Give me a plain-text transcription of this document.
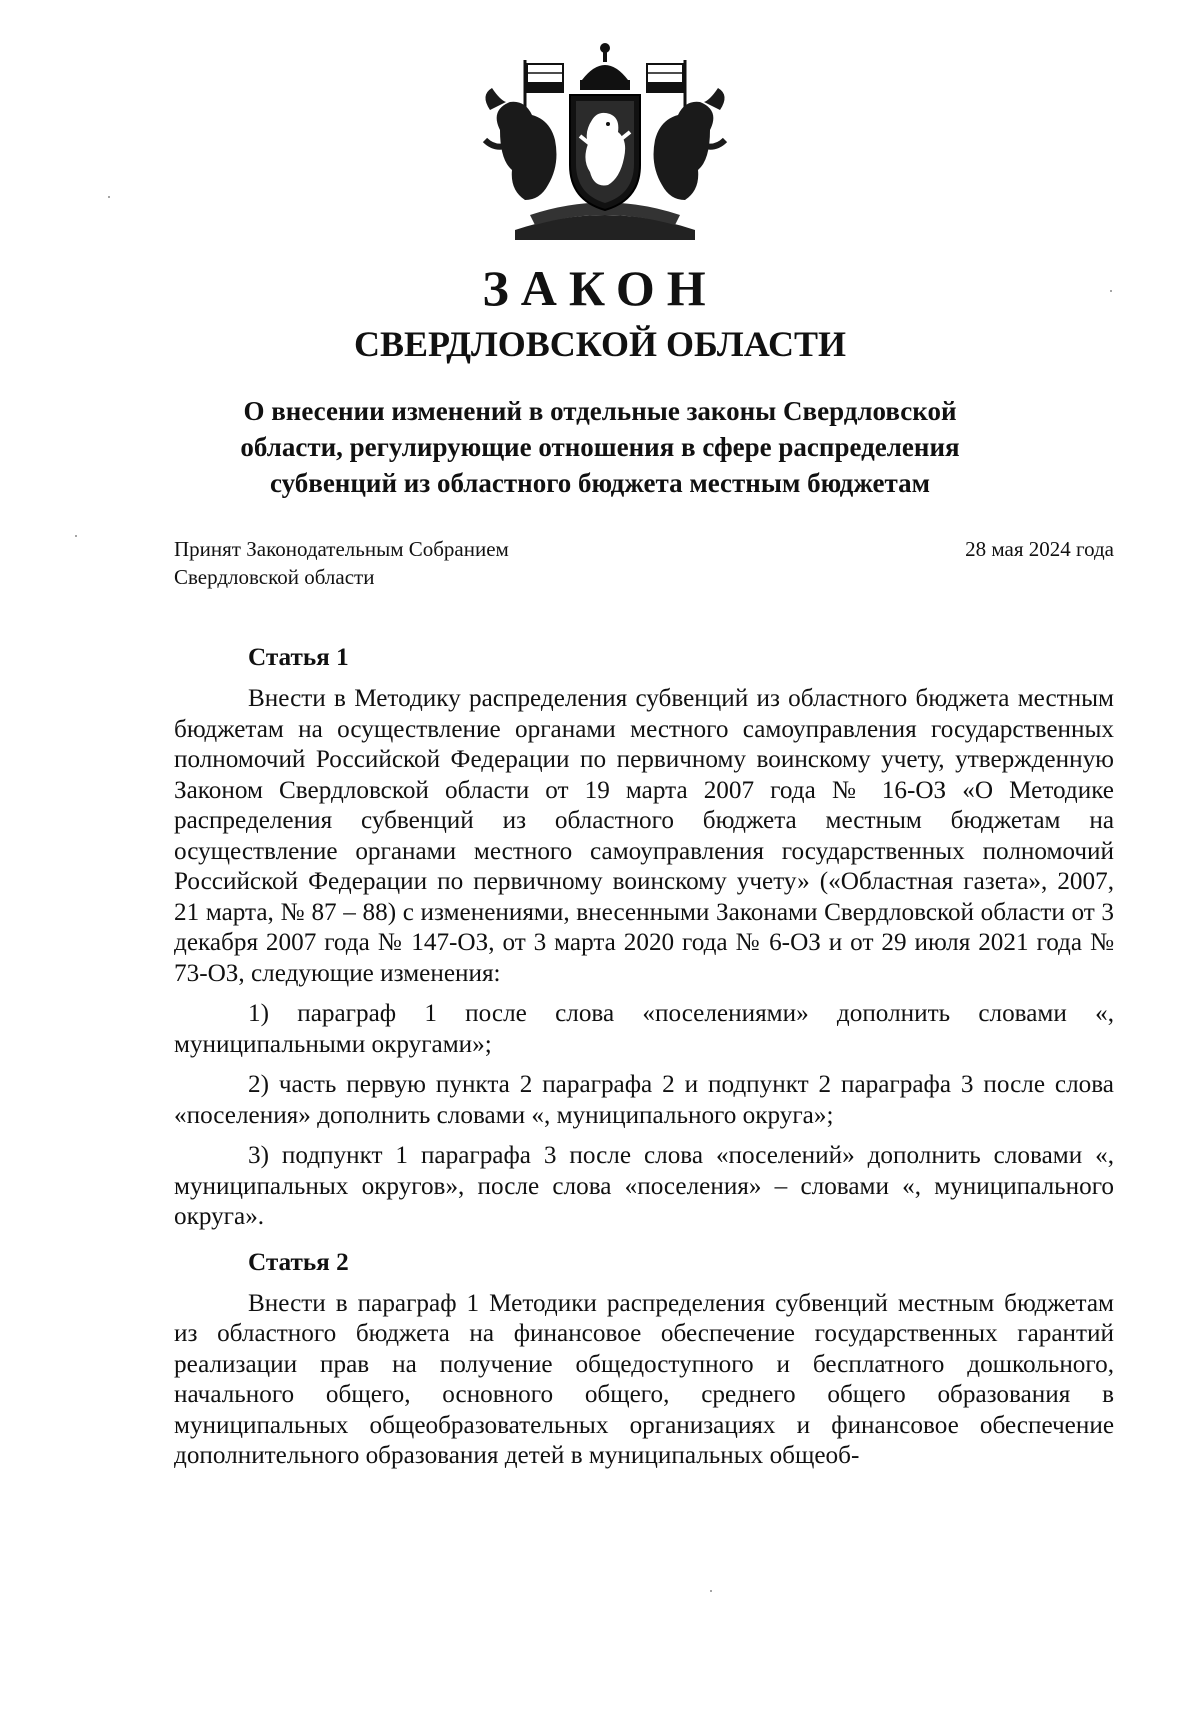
ЗАКОН
СВЕРДЛОВСКОЙ ОБЛАСТИ
О внесении изменений в отдельные законы Свердловской области, регулирующие отношения в сфере распределения субвенций из областного бюджета местным бюджетам
Принят Законодательным Собранием
Свердловской области
28 мая 2024 года
Статья 1

Внести в Методику распределения субвенций из областного бюджета местным бюджетам на осуществление органами местного самоуправления государственных полномочий Российской Федерации по первичному воинскому учету, утвержденную Законом Свердловской области от 19 марта 2007 года № 16-ОЗ «О Методике распределения субвенций из областного бюджета местным бюджетам на осуществление органами местного самоуправления государственных полномочий Российской Федерации по первичному воинскому учету» («Областная газета», 2007, 21 марта, № 87 – 88) с изменениями, внесенными Законами Свердловской области от 3 декабря 2007 года № 147-ОЗ, от 3 марта 2020 года № 6-ОЗ и от 29 июля 2021 года № 73-ОЗ, следующие изменения:

1) параграф 1 после слова «поселениями» дополнить словами «, муниципальными округами»;

2) часть первую пункта 2 параграфа 2 и подпункт 2 параграфа 3 после слова «поселения» дополнить словами «, муниципального округа»;

3) подпункт 1 параграфа 3 после слова «поселений» дополнить словами «, муниципальных округов», после слова «поселения» – словами «, муниципального округа».

Статья 2

Внести в параграф 1 Методики распределения субвенций местным бюджетам из областного бюджета на финансовое обеспечение государственных гарантий реализации прав на получение общедоступного и бесплатного дошкольного, начального общего, основного общего, среднего общего образования в муниципальных общеобразовательных организациях и финансовое обеспечение дополнительного образования детей в муниципальных общеоб-
